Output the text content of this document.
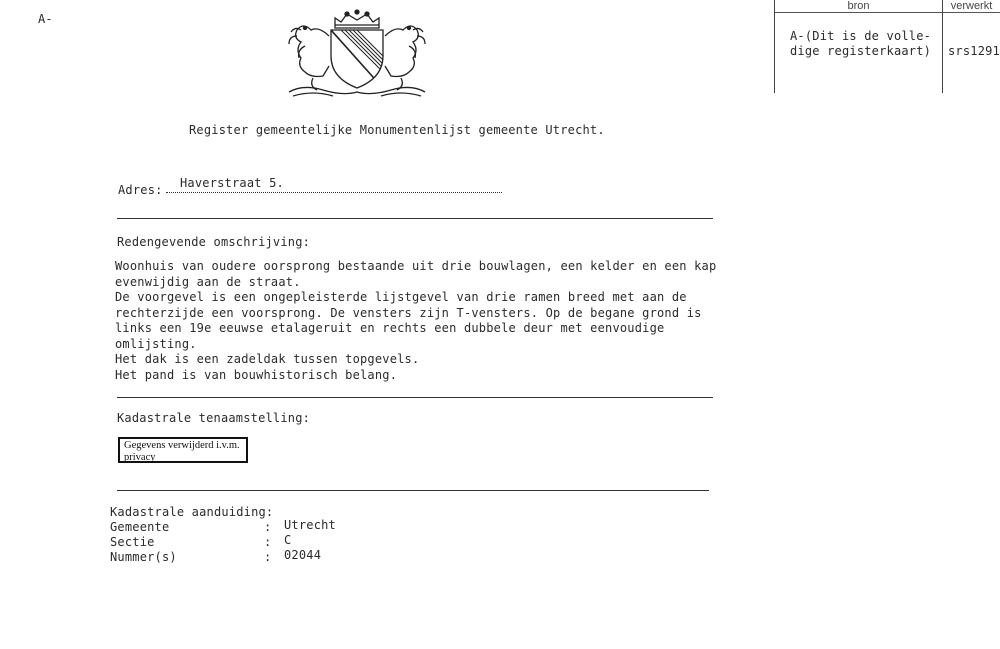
A-
bron	verwerkt
A-(Dit is de volle-
dige registerkaart) srs1291
Register gemeentelijke Monumentenlijst gemeente Utrecht.
Adres: Haverstraat 5.
Redengevende omschrijving:
Woonhuis van oudere oorsprong bestaande uit drie bouwlagen, een kelder en een kap
evenwijdig aan de straat.
De voorgevel is een ongepleisterde lijstgevel van drie ramen breed met aan de
rechterzijde een voorsprong. De vensters zijn T-vensters. Op de begane grond is
links een 19e eeuwse etalageruit en rechts een dubbele deur met eenvoudige
omlijsting.
Het dak is een zadeldak tussen topgevels.
Het pand is van bouwhistorisch belang.
Kadastrale tenaamstelling:
Gegevens verwijderd i.v.m.
privacy
Kadastrale aanduiding:
Gemeente
Sectie
Nummer(s)
:
:
:
Utrecht
C
02044
